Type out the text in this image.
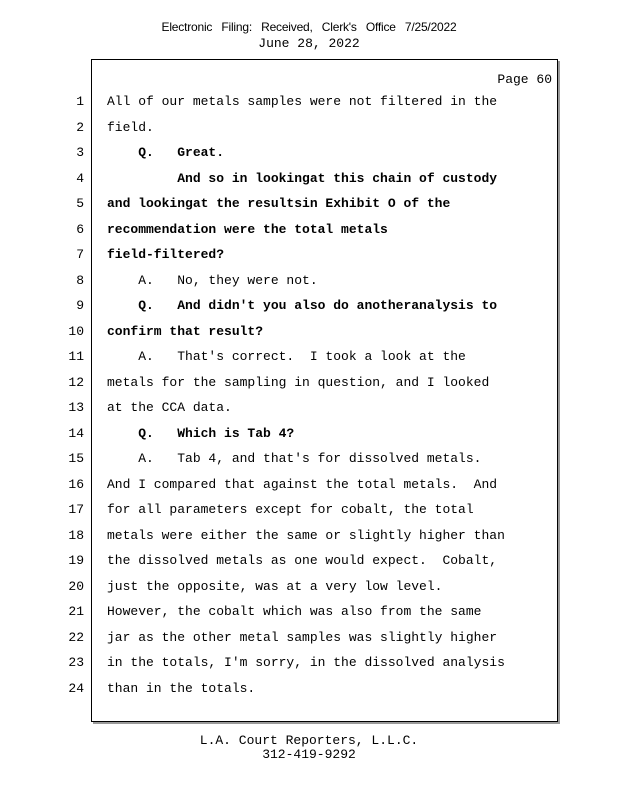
Electronic Filing: Received, Clerk's Office 7/25/2022
June 28, 2022
Page 60
1 All of our metals samples were not filtered in the
2 field.
3 Q.   Great.
4 And so in lookingat this chain of custody
5 and lookingat the resultsin Exhibit O of the
6 recommendation were the total metals
7 field-filtered?
8 A.   No, they were not.
9 Q.   And didn't you also do anotheranalysis to
10 confirm that result?
11 A.   That's correct.  I took a look at the
12 metals for the sampling in question, and I looked
13 at the CCA data.
14 Q.   Which is Tab 4?
15 A.   Tab 4, and that's for dissolved metals.
16 And I compared that against the total metals.  And
17 for all parameters except for cobalt, the total
18 metals were either the same or slightly higher than
19 the dissolved metals as one would expect.  Cobalt,
20 just the opposite, was at a very low level.
21 However, the cobalt which was also from the same
22 jar as the other metal samples was slightly higher
23 in the totals, I'm sorry, in the dissolved analysis
24 than in the totals.
L.A. Court Reporters, L.L.C.
312-419-9292
